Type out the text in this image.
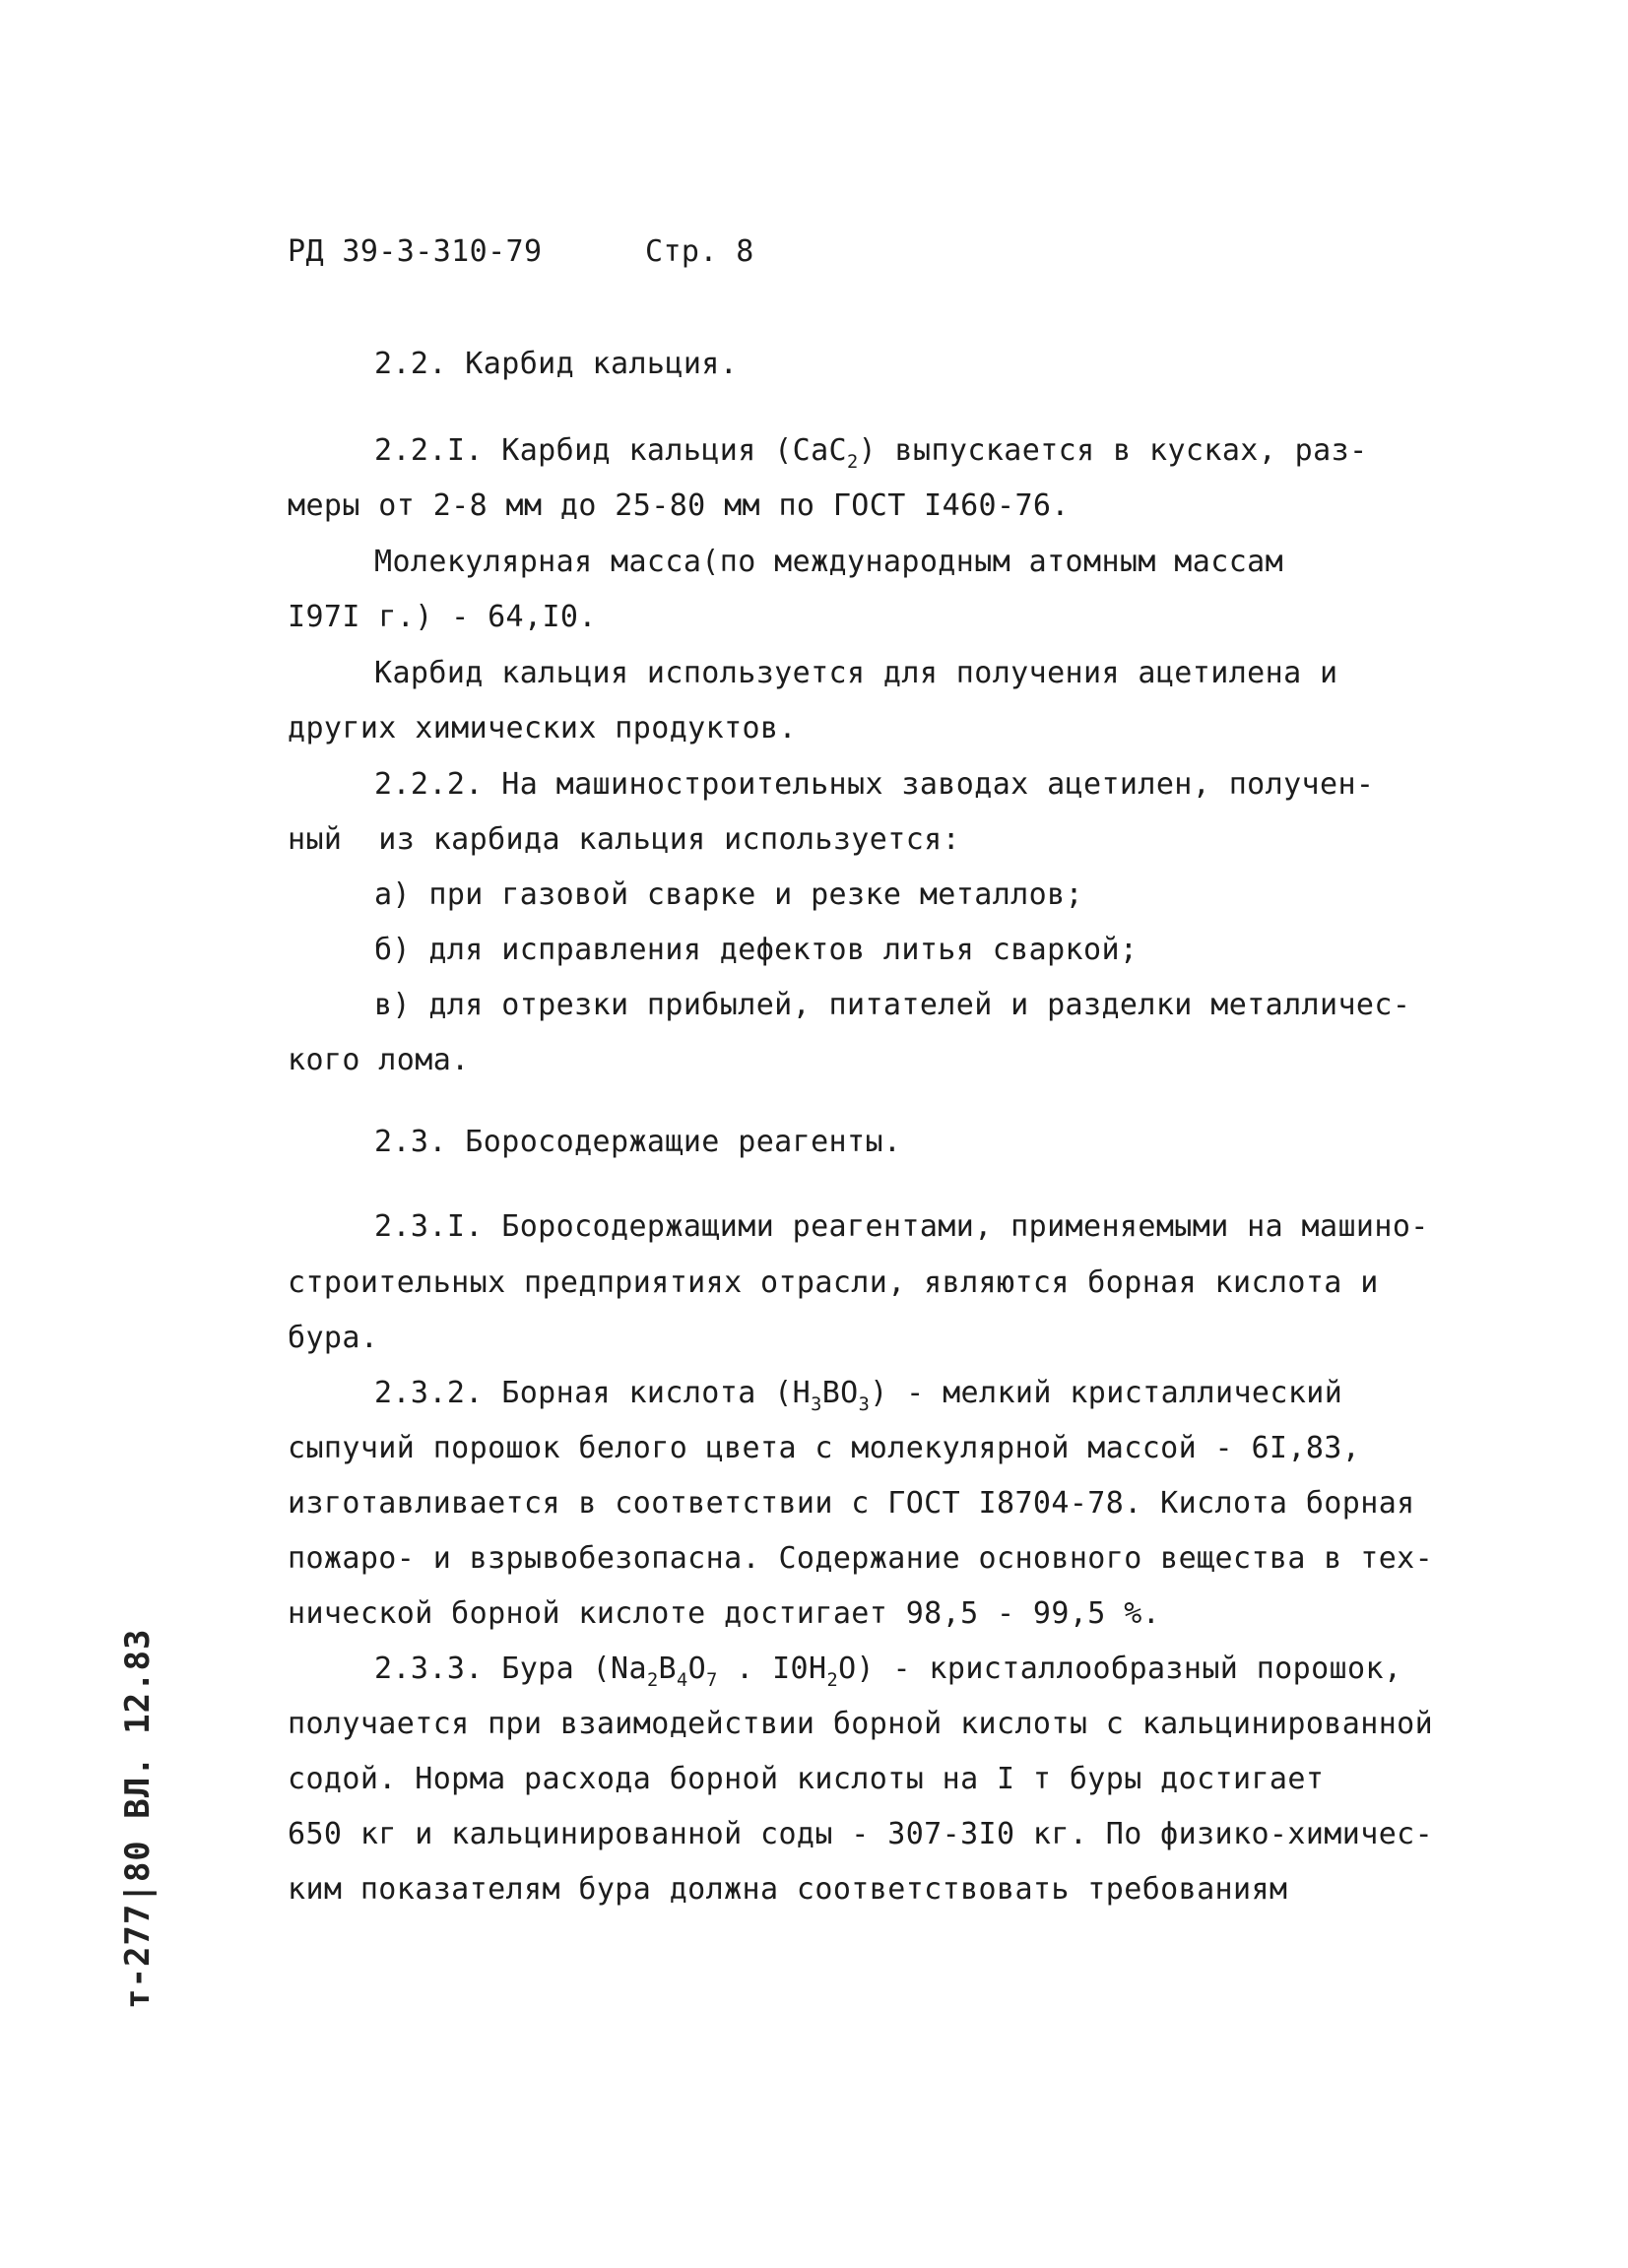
РД 39-3-310-79	Стр. 8
2.2. Карбид кальция.
2.2.I. Карбид кальция (СаС$_2$) выпускается в кусках, раз-
меры от 2-8 мм до 25-80 мм по ГОСТ I460-76.
Молекулярная масса(по международным атомным массам
I97I г.) - 64,I0.
Карбид кальция используется для получения ацетилена и
других химических продуктов.
2.2.2. На машиностроительных заводах ацетилен, получен-
ный  из карбида кальция используется:
а) при газовой сварке и резке металлов;
б) для исправления дефектов литья сваркой;
в) для отрезки прибылей, питателей и разделки металличес-
кого лома.
2.3. Боросодержащие реагенты.
2.3.I. Боросодержащими реагентами, применяемыми на машино-
строительных предприятиях отрасли, являются борная кислота и
бура.
2.3.2. Борная кислота $(Н_3ВО_3)$ - мелкий кристаллический
сыпучий порошок белого цвета с молекулярной массой - 6I,83,
изготавливается в соответствии с ГОСТ I8704-78. Кислота борная
пожаро- и взрывобезопасна. Содержание основного вещества в тех-
нической борной кислоте достигает 98,5 - 99,5 %.
2.3.3. Бура ($Nа_2В_4О_7$ . $I0Н_2О$) - кристаллообразный порошок,
получается при взаимодействии борной кислоты с кальцинированной
содой. Норма расхода борной кислоты на I т буры достигает
650 кг и кальцинированной соды - 307-3I0 кг. По физико-химичес-
ким показателям бура должна соответствовать требованиям
т-277|80 ВЛ. 12.83
